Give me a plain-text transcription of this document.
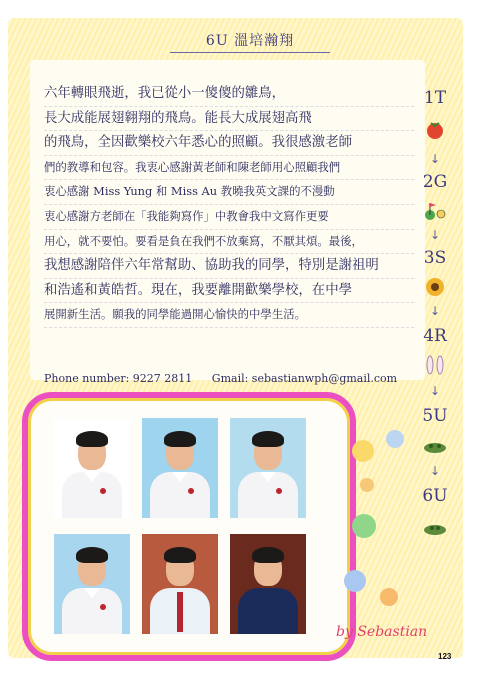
6U 溫培瀚翔
六年轉眼飛逝，我已從小一傻傻的雛鳥，
長大成能展翅翱翔的飛鳥。能長大成展翅高飛
的飛鳥，全因歡樂校六年悉心的照顧。我很感激老師
們的教導和包容。我衷心感謝黃老師和陳老師用心照顧我們
衷心感謝 Miss Yung 和 Miss Au 教曉我英文課的不漫動
衷心感謝方老師在「我能夠寫作」中教會我中文寫作更要
用心，就不要怕。要看是負在我們不放棄寫，不厭其煩。最後，
我想感謝陪伴六年常幫助、協助我的同學，特別是謝祖明
和浩遙和黃皓哲。現在，我要離開歡樂學校，在中學
展開新生活。願我的同學能過開心愉快的中學生活。
Phone number: 9227 2811 Gmail: sebastianwph@gmail.com
1T
↓
2G
↓
3S
↓
4R
↓
5U
↓
6U
by Sebastian
123
